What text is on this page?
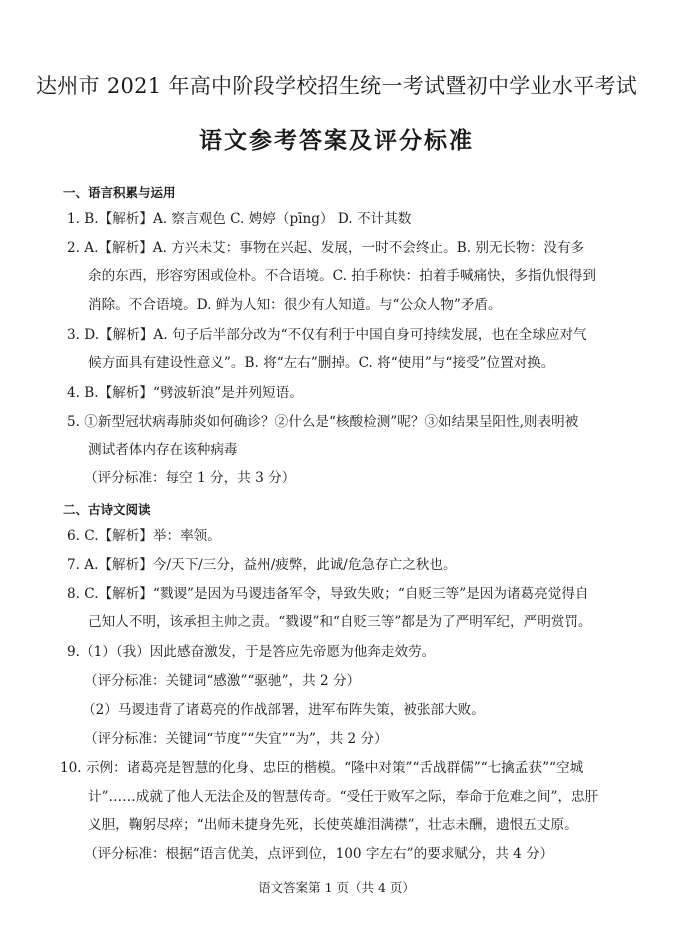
达州市 2021 年高中阶段学校招生统一考试暨初中学业水平考试
语文参考答案及评分标准
一、语言积累与运用
1. B.【解析】A. 察言观色 C. 娉婷（pīng） D. 不计其数
2. A.【解析】A. 方兴未艾：事物在兴起、发展，一时不会终止。B. 别无长物：没有多
余的东西，形容穷困或俭朴。不合语境。C. 拍手称快：拍着手喊痛快，多指仇恨得到
消除。不合语境。D. 鲜为人知：很少有人知道。与“公众人物”矛盾。
3. D.【解析】A. 句子后半部分改为“不仅有利于中国自身可持续发展，也在全球应对气
候方面具有建设性意义”。B. 将“左右”删掉。C. 将“使用”与“接受”位置对换。
4. B.【解析】“劈波斩浪”是并列短语。
5. ①新型冠状病毒肺炎如何确诊？②什么是“核酸检测”呢？③如结果呈阳性,则表明被
测试者体内存在该种病毒
（评分标准：每空 1 分，共 3 分）
二、古诗文阅读
6. C.【解析】举：率领。
7. A.【解析】今/天下/三分，益州/疲弊，此诚/危急存亡之秋也。
8. C.【解析】“戮谡”是因为马谡违备军令，导致失败；“自贬三等”是因为诸葛亮觉得自
己知人不明，该承担主帅之责。“戮谡”和“自贬三等”都是为了严明军纪，严明赏罚。
9.（1）（我）因此感奋激发，于是答应先帝愿为他奔走效劳。
（评分标准：关键词“感激”“驱驰”，共 2 分）
（2）马谡违背了诸葛亮的作战部署，进军布阵失策，被张部大败。
（评分标准：关键词“节度”“失宜”“为”，共 2 分）
10. 示例：诸葛亮是智慧的化身、忠臣的楷模。“隆中对策”“舌战群儒”“七擒孟获”“空城
计”……成就了他人无法企及的智慧传奇。“受任于败军之际，奉命于危难之间”，忠肝
义胆，鞠躬尽瘁；“出师未捷身先死，长使英雄泪满襟”，壮志未酬，遗恨五丈原。
（评分标准：根据“语言优美，点评到位，100 字左右”的要求赋分，共 4 分）
语文答案第 1 页（共 4 页）
